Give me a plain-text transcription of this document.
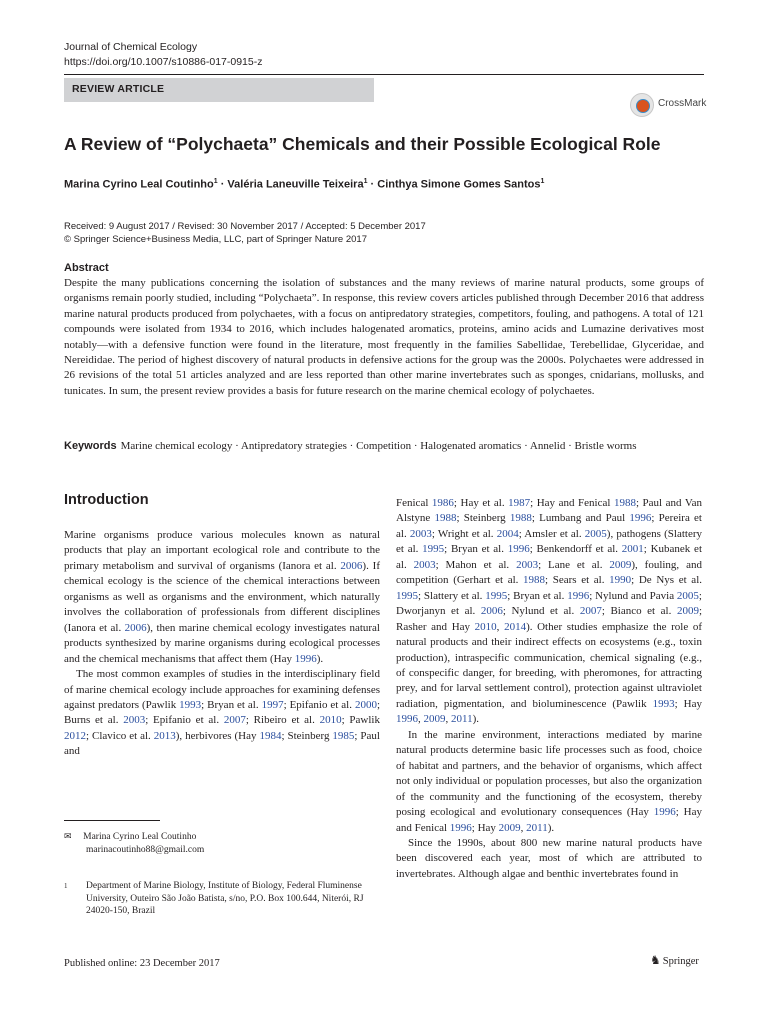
Journal of Chemical Ecology
https://doi.org/10.1007/s10886-017-0915-z
REVIEW ARTICLE
CrossMark
A Review of “Polychaeta” Chemicals and their Possible Ecological Role
Marina Cyrino Leal Coutinho$^1$ · Valéria Laneuville Teixeira$^1$ · Cinthya Simone Gomes Santos$^1$
Received: 9 August 2017 / Revised: 30 November 2017 / Accepted: 5 December 2017
© Springer Science+Business Media, LLC, part of Springer Nature 2017
Abstract

Despite the many publications concerning the isolation of substances and the many reviews of marine natural products, some groups of organisms remain poorly studied, including “Polychaeta”. In response, this review covers articles published through December 2016 that address marine natural products produced from polychaetes, with a focus on antipredatory strategies, competitors, fouling, and pathogens. A total of 121 compounds were isolated from 1934 to 2016, which includes halogenated aromatics, proteins, amino acids and Lumazine derivatives most notably—with a defensive function were found in the literature, most frequently in the families Sabellidae, Terebellidae, Glyceridae, and Nereididae. The period of highest discovery of natural products in defensive actions for the group was the 2000s. Polychaetes were addressed in 26 revisions of the total 51 articles analyzed and are less reported than other marine invertebrates such as sponges, cnidarians, mollusks, and tunicates. In sum, the present review provides a basis for future research on the marine chemical ecology of polychaetes.

Keywords Marine chemical ecology · Antipredatory strategies · Competition · Halogenated aromatics · Annelid · Bristle worms
Introduction

Marine organisms produce various molecules known as natural products that play an important ecological role and contribute to the primary metabolism and survival of organisms (Ianora et al. 2006). If chemical ecology is the science of the chemical interactions between organisms as well as organisms and the environment, which naturally involves the collaboration of professionals from different disciplines (Ianora et al. 2006), then marine chemical ecology investigates natural products synthesized by marine organisms during ecological processes and the chemical mechanisms that affect them (Hay 1996).

The most common examples of studies in the interdisciplinary field of marine chemical ecology include approaches for examining defenses against predators (Pawlik 1993; Bryan et al. 1997; Epifanio et al. 2000; Burns et al. 2003; Epifanio et al. 2007; Ribeiro et al. 2010; Pawlik 2012; Clavico et al. 2013), herbivores (Hay 1984; Steinberg 1985; Paul and

Fenical 1986; Hay et al. 1987; Hay and Fenical 1988; Paul and Van Alstyne 1988; Steinberg 1988; Lumbang and Paul 1996; Pereira et al. 2003; Wright et al. 2004; Amsler et al. 2005), pathogens (Slattery et al. 1995; Bryan et al. 1996; Benkendorff et al. 2001; Kubanek et al. 2003; Mahon et al. 2003; Lane et al. 2009), fouling, and competition (Gerhart et al. 1988; Sears et al. 1990; De Nys et al. 1995; Slattery et al. 1995; Bryan et al. 1996; Nylund and Pavia 2005; Dworjanyn et al. 2006; Nylund et al. 2007; Bianco et al. 2009; Rasher and Hay 2010, 2014). Other studies emphasize the role of natural products and their indirect effects on ecosystems (e.g., toxin production), intraspecific communication, chemical signaling (e.g., of conspecific danger, for breeding, with pheromones, for attracting prey, and for larval settlement control), protection against ultraviolet radiation, pigmentation, and bioluminescence (Pawlik 1993; Hay 1996, 2009, 2011).

In the marine environment, interactions mediated by marine natural products determine basic life processes such as food, choice of habitat and partners, and the behavior of organisms, which affect not only individual or population processes, but also the organization of the community and the functioning of the ecosystem, thereby posing ecological and evolutionary consequences (Hay 1996; Hay and Fenical 1996; Hay 2009, 2011).

Since the 1990s, about 800 new marine natural products have been discovered each year, most of which are attributed to invertebrates. Although algae and benthic invertebrates found in

✉ Marina Cyrino Leal Coutinho
marinacoutinho88@gmail.com
1	Department of Marine Biology, Institute of Biology, Federal Fluminense University, Outeiro São João Batista, s/no, P.O. Box 100.644, Niterói, RJ 24020-150, Brazil
Published online: 23 December 2017	♞ Springer
